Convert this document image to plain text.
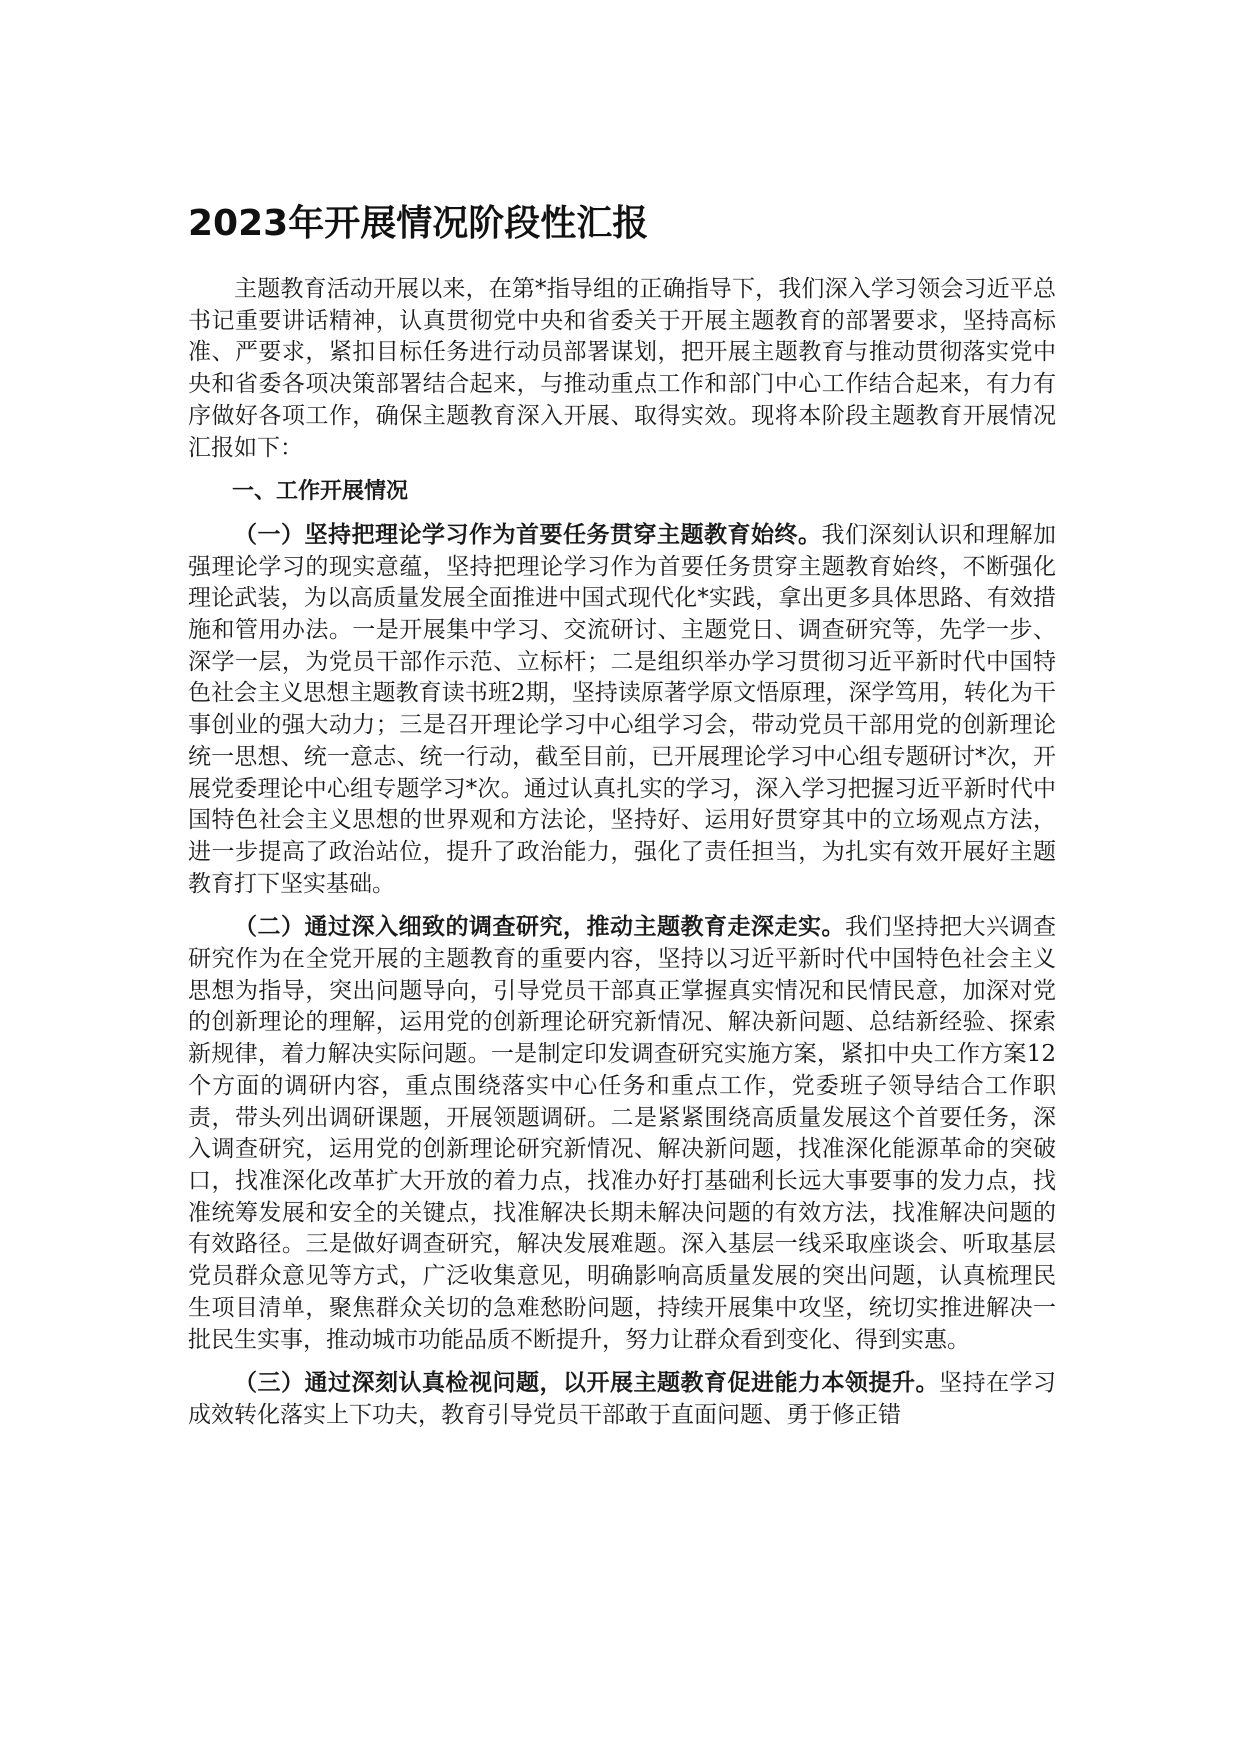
2023年开展情况阶段性汇报

主题教育活动开展以来，在第*指导组的正确指导下，我们深入学习领会习近平总书记重要讲话精神，认真贯彻党中央和省委关于开展主题教育的部署要求，坚持高标准、严要求，紧扣目标任务进行动员部署谋划，把开展主题教育与推动贯彻落实党中央和省委各项决策部署结合起来，与推动重点工作和部门中心工作结合起来，有力有序做好各项工作，确保主题教育深入开展、取得实效。现将本阶段主题教育开展情况汇报如下：

一、工作开展情况

（一）坚持把理论学习作为首要任务贯穿主题教育始终。我们深刻认识和理解加强理论学习的现实意蕴，坚持把理论学习作为首要任务贯穿主题教育始终，不断强化理论武装，为以高质量发展全面推进中国式现代化*实践，拿出更多具体思路、有效措施和管用办法。一是开展集中学习、交流研讨、主题党日、调查研究等，先学一步、深学一层，为党员干部作示范、立标杆；二是组织举办学习贯彻习近平新时代中国特色社会主义思想主题教育读书班2期，坚持读原著学原文悟原理，深学笃用，转化为干事创业的强大动力；三是召开理论学习中心组学习会，带动党员干部用党的创新理论统一思想、统一意志、统一行动，截至目前，已开展理论学习中心组专题研讨*次，开展党委理论中心组专题学习*次。通过认真扎实的学习，深入学习把握习近平新时代中国特色社会主义思想的世界观和方法论，坚持好、运用好贯穿其中的立场观点方法，进一步提高了政治站位，提升了政治能力，强化了责任担当，为扎实有效开展好主题教育打下坚实基础。

（二）通过深入细致的调查研究，推动主题教育走深走实。我们坚持把大兴调查研究作为在全党开展的主题教育的重要内容，坚持以习近平新时代中国特色社会主义思想为指导，突出问题导向，引导党员干部真正掌握真实情况和民情民意，加深对党的创新理论的理解，运用党的创新理论研究新情况、解决新问题、总结新经验、探索新规律，着力解决实际问题。一是制定印发调查研究实施方案，紧扣中央工作方案12个方面的调研内容，重点围绕落实中心任务和重点工作，党委班子领导结合工作职责，带头列出调研课题，开展领题调研。二是紧紧围绕高质量发展这个首要任务，深入调查研究，运用党的创新理论研究新情况、解决新问题，找准深化能源革命的突破口，找准深化改革扩大开放的着力点，找准办好打基础利长远大事要事的发力点，找准统筹发展和安全的关键点，找准解决长期未解决问题的有效方法，找准解决问题的有效路径。三是做好调查研究，解决发展难题。深入基层一线采取座谈会、听取基层党员群众意见等方式，广泛收集意见，明确影响高质量发展的突出问题，认真梳理民生项目清单，聚焦群众关切的急难愁盼问题，持续开展集中攻坚，统切实推进解决一批民生实事，推动城市功能品质不断提升，努力让群众看到变化、得到实惠。

（三）通过深刻认真检视问题，以开展主题教育促进能力本领提升。坚持在学习成效转化落实上下功夫，教育引导党员干部敢于直面问题、勇于修正错
